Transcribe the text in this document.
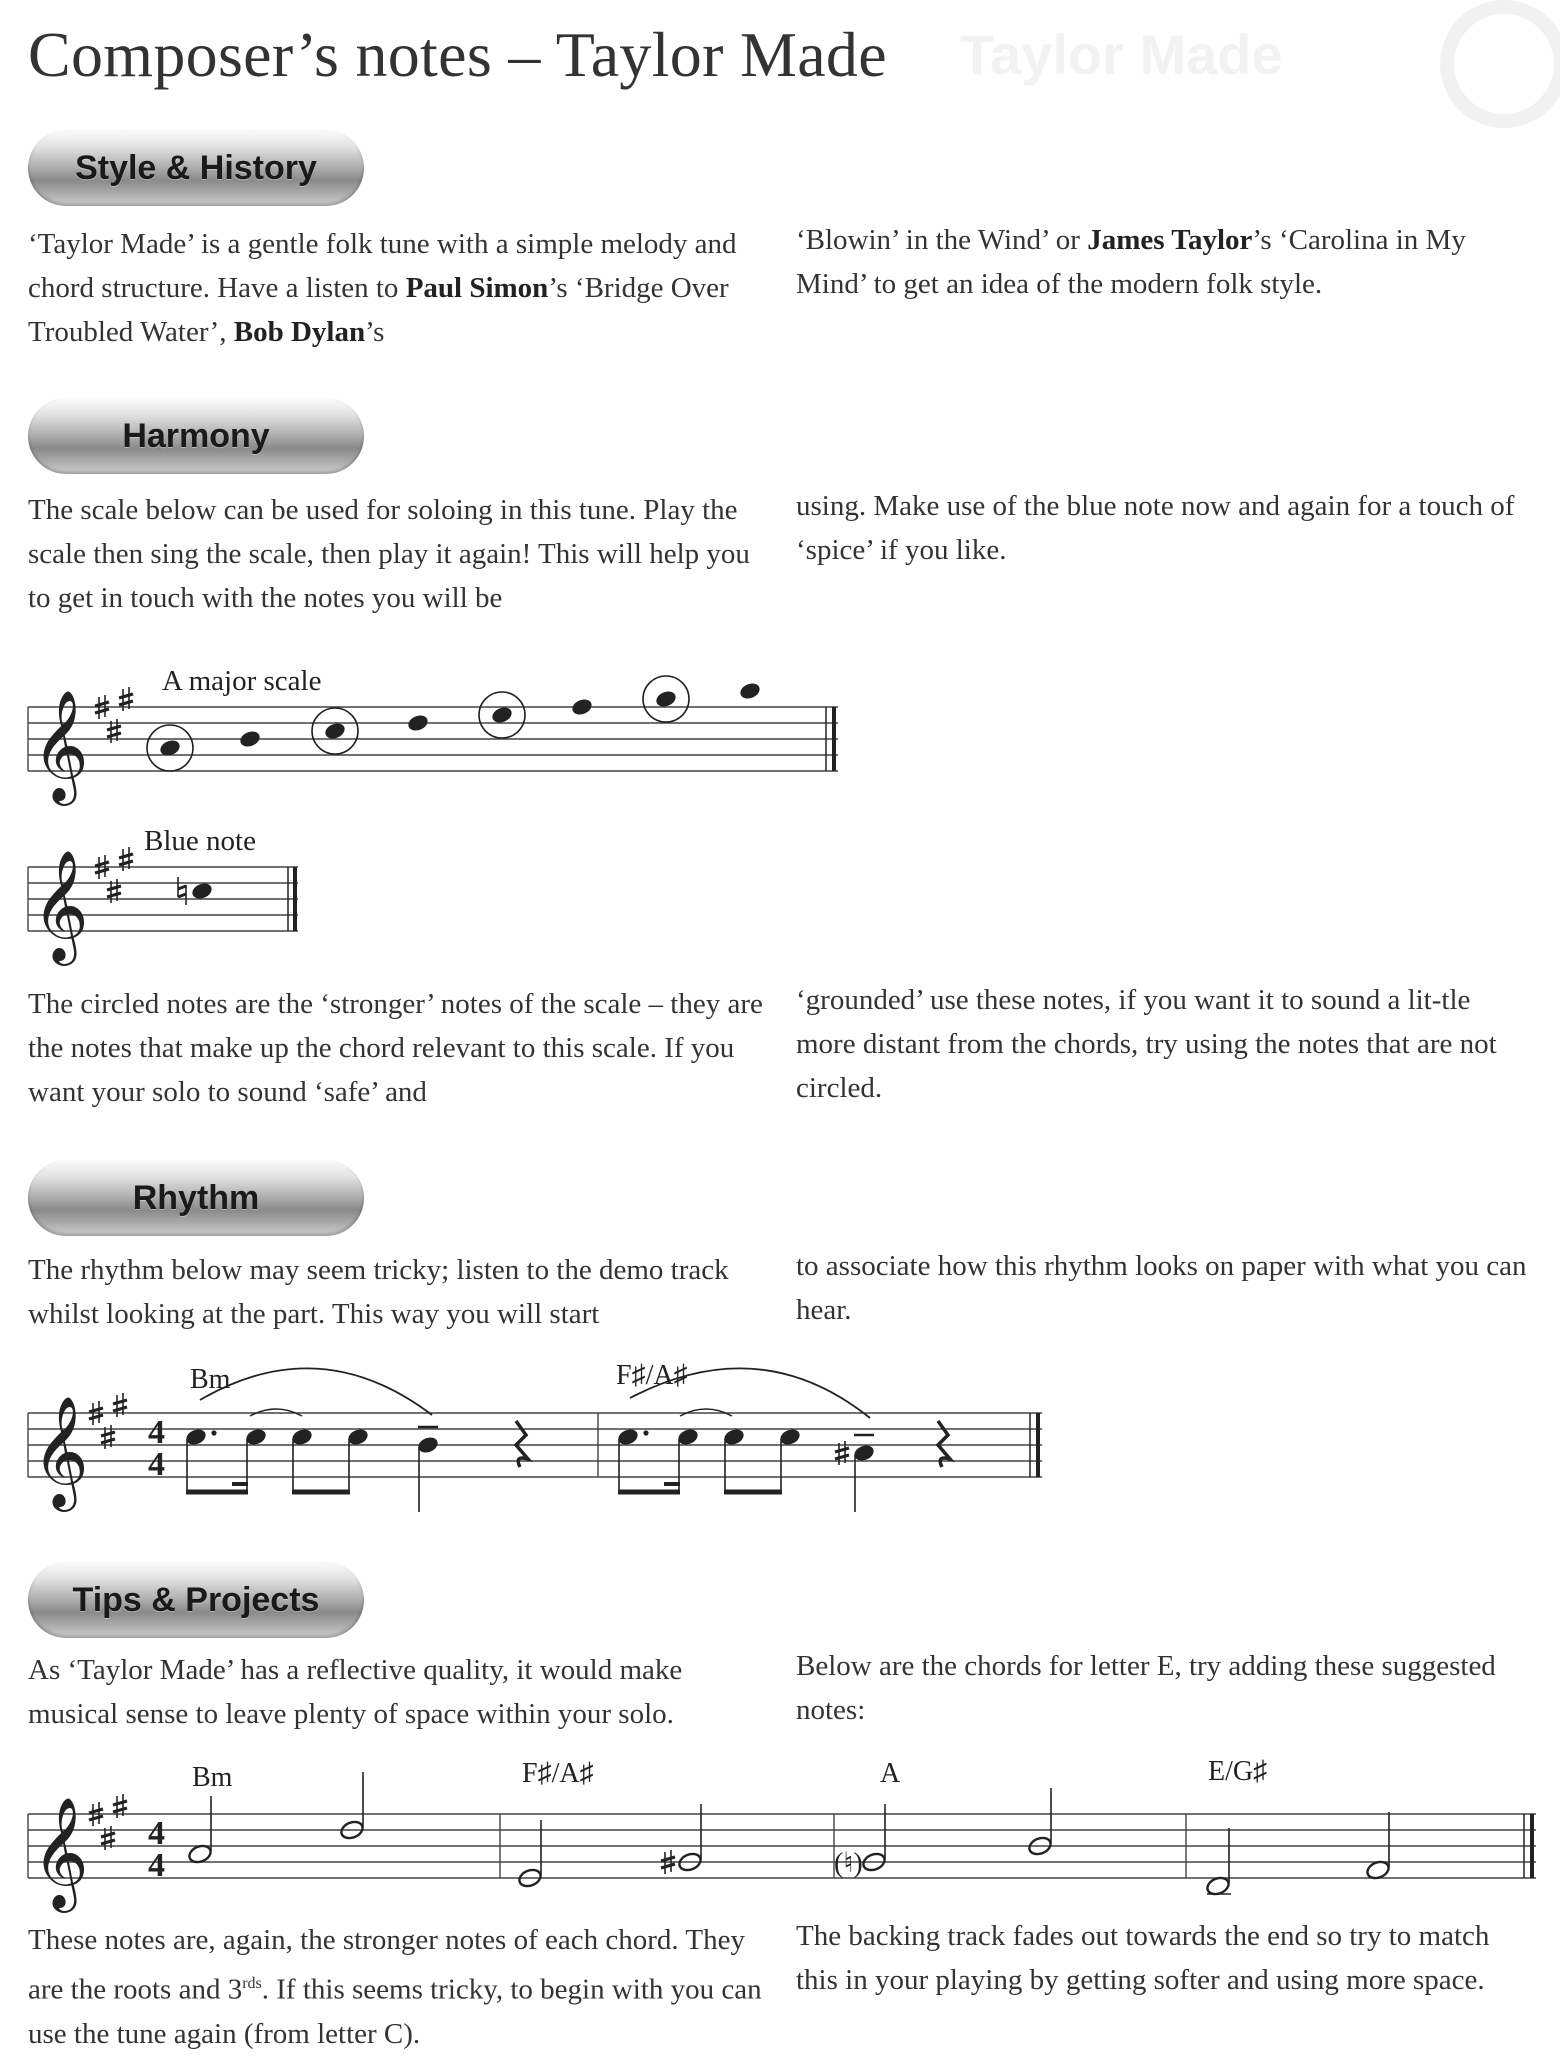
Taylor Made
Composer’s notes – Taylor Made
Style & History

‘Taylor Made’ is a gentle folk tune with a simple melody and chord structure. Have a listen to Paul Simon’s ‘Bridge Over Troubled Water’, Bob Dylan’s

‘Blowin’ in the Wind’ or James Taylor’s ‘Carolina in My Mind’ to get an idea of the modern folk style.

Harmony

The scale below can be used for soloing in this tune. Play the scale then sing the scale, then play it again! This will help you to get in touch with the notes you will be

using. Make use of the blue note now and again for a touch of ‘spice’ if you like.

The circled notes are the ‘stronger’ notes of the scale – they are the notes that make up the chord relevant to this scale. If you want your solo to sound ‘safe’ and

‘grounded’ use these notes, if you want it to sound a lit-tle more distant from the chords, try using the notes that are not circled.

Rhythm

The rhythm below may seem tricky; listen to the demo track whilst looking at the part. This way you will start

to associate how this rhythm looks on paper with what you can hear.

Tips & Projects

As ‘Taylor Made’ has a reflective quality, it would make musical sense to leave plenty of space within your solo.

Below are the chords for letter E, try adding these suggested notes:

These notes are, again, the stronger notes of each chord. They are the roots and $3^{rds}$. If this seems tricky, to begin with you can use the tune again (from letter C).

The backing track fades out towards the end so try to match this in your playing by getting softer and using more space.

𝄞
A major scale
𝄞
Blue note
𝄞 4
4
Bm	F♯/A♯
𝄞 4
4
Bm	F♯/A♯	A	E/G♯
(♮)
